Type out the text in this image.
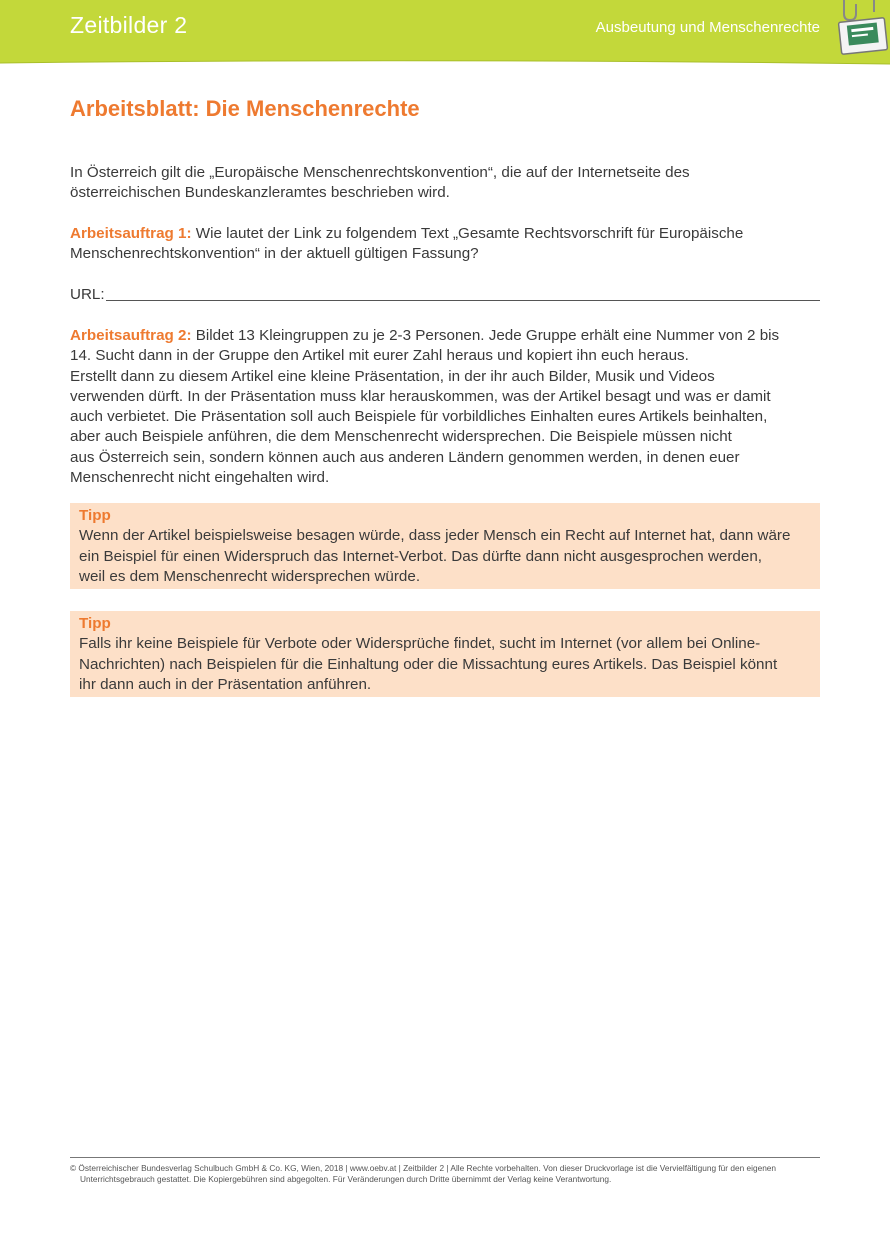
Zeitbilder 2	Ausbeutung und Menschenrechte
Arbeitsblatt: Die Menschenrechte

In Österreich gilt die „Europäische Menschenrechtskonvention“, die auf der Internetseite des
österreichischen Bundeskanzleramtes beschrieben wird.

Arbeitsauftrag 1: Wie lautet der Link zu folgendem Text „Gesamte Rechtsvorschrift für Europäische
Menschenrechtskonvention“ in der aktuell gültigen Fassung?

URL:

Arbeitsauftrag 2: Bildet 13 Kleingruppen zu je 2-3 Personen. Jede Gruppe erhält eine Nummer von 2 bis
14. Sucht dann in der Gruppe den Artikel mit eurer Zahl heraus und kopiert ihn euch heraus.
Erstellt dann zu diesem Artikel eine kleine Präsentation, in der ihr auch Bilder, Musik und Videos
verwenden dürft. In der Präsentation muss klar herauskommen, was der Artikel besagt und was er damit
auch verbietet. Die Präsentation soll auch Beispiele für vorbildliches Einhalten eures Artikels beinhalten,
aber auch Beispiele anführen, die dem Menschenrecht widersprechen. Die Beispiele müssen nicht
aus Österreich sein, sondern können auch aus anderen Ländern genommen werden, in denen euer
Menschenrecht nicht eingehalten wird.

Tipp
Wenn der Artikel beispielsweise besagen würde, dass jeder Mensch ein Recht auf Internet hat, dann wäre
ein Beispiel für einen Widerspruch das Internet-Verbot. Das dürfte dann nicht ausgesprochen werden,
weil es dem Menschenrecht widersprechen würde.
Tipp
Falls ihr keine Beispiele für Verbote oder Widersprüche findet, sucht im Internet (vor allem bei Online-
Nachrichten) nach Beispielen für die Einhaltung oder die Missachtung eures Artikels. Das Beispiel könnt
ihr dann auch in der Präsentation anführen.
© Österreichischer Bundesverlag Schulbuch GmbH & Co. KG, Wien, 2018 | www.oebv.at | Zeitbilder 2 | Alle Rechte vorbehalten. Von dieser Druckvorlage ist die Vervielfältigung für den eigenen
Unterrichtsgebrauch gestattet. Die Kopiergebühren sind abgegolten. Für Veränderungen durch Dritte übernimmt der Verlag keine Verantwortung.
